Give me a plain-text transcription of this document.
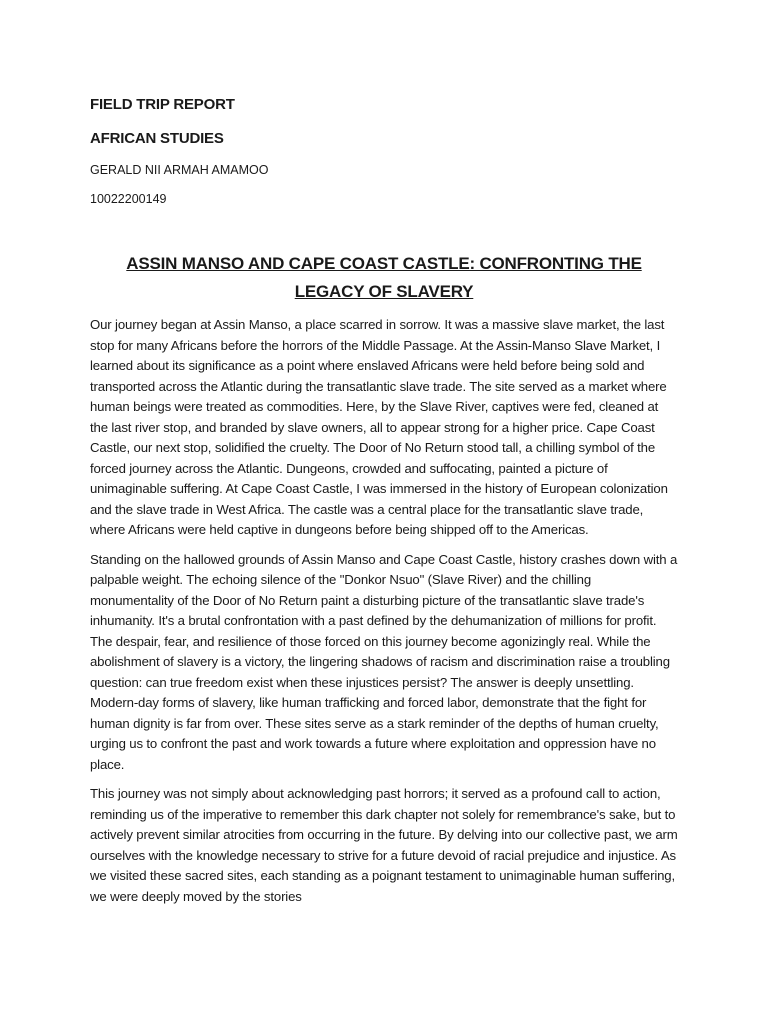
FIELD TRIP REPORT

AFRICAN STUDIES

GERALD NII ARMAH AMAMOO

10022200149

ASSIN MANSO AND CAPE COAST CASTLE: CONFRONTING THE LEGACY OF SLAVERY

Our journey began at Assin Manso, a place scarred in sorrow. It was a massive slave market, the last stop for many Africans before the horrors of the Middle Passage. At the Assin-Manso Slave Market, I learned about its significance as a point where enslaved Africans were held before being sold and transported across the Atlantic during the transatlantic slave trade. The site served as a market where human beings were treated as commodities. Here, by the Slave River, captives were fed, cleaned at the last river stop, and branded by slave owners, all to appear strong for a higher price. Cape Coast Castle, our next stop, solidified the cruelty. The Door of No Return stood tall, a chilling symbol of the forced journey across the Atlantic. Dungeons, crowded and suffocating, painted a picture of unimaginable suffering. At Cape Coast Castle, I was immersed in the history of European colonization and the slave trade in West Africa. The castle was a central place for the transatlantic slave trade, where Africans were held captive in dungeons before being shipped off to the Americas.

Standing on the hallowed grounds of Assin Manso and Cape Coast Castle, history crashes down with a palpable weight. The echoing silence of the "Donkor Nsuo" (Slave River) and the chilling monumentality of the Door of No Return paint a disturbing picture of the transatlantic slave trade's inhumanity. It's a brutal confrontation with a past defined by the dehumanization of millions for profit. The despair, fear, and resilience of those forced on this journey become agonizingly real. While the abolishment of slavery is a victory, the lingering shadows of racism and discrimination raise a troubling question: can true freedom exist when these injustices persist? The answer is deeply unsettling. Modern-day forms of slavery, like human trafficking and forced labor, demonstrate that the fight for human dignity is far from over. These sites serve as a stark reminder of the depths of human cruelty, urging us to confront the past and work towards a future where exploitation and oppression have no place.

This journey was not simply about acknowledging past horrors; it served as a profound call to action, reminding us of the imperative to remember this dark chapter not solely for remembrance's sake, but to actively prevent similar atrocities from occurring in the future. By delving into our collective past, we arm ourselves with the knowledge necessary to strive for a future devoid of racial prejudice and injustice. As we visited these sacred sites, each standing as a poignant testament to unimaginable human suffering, we were deeply moved by the stories
